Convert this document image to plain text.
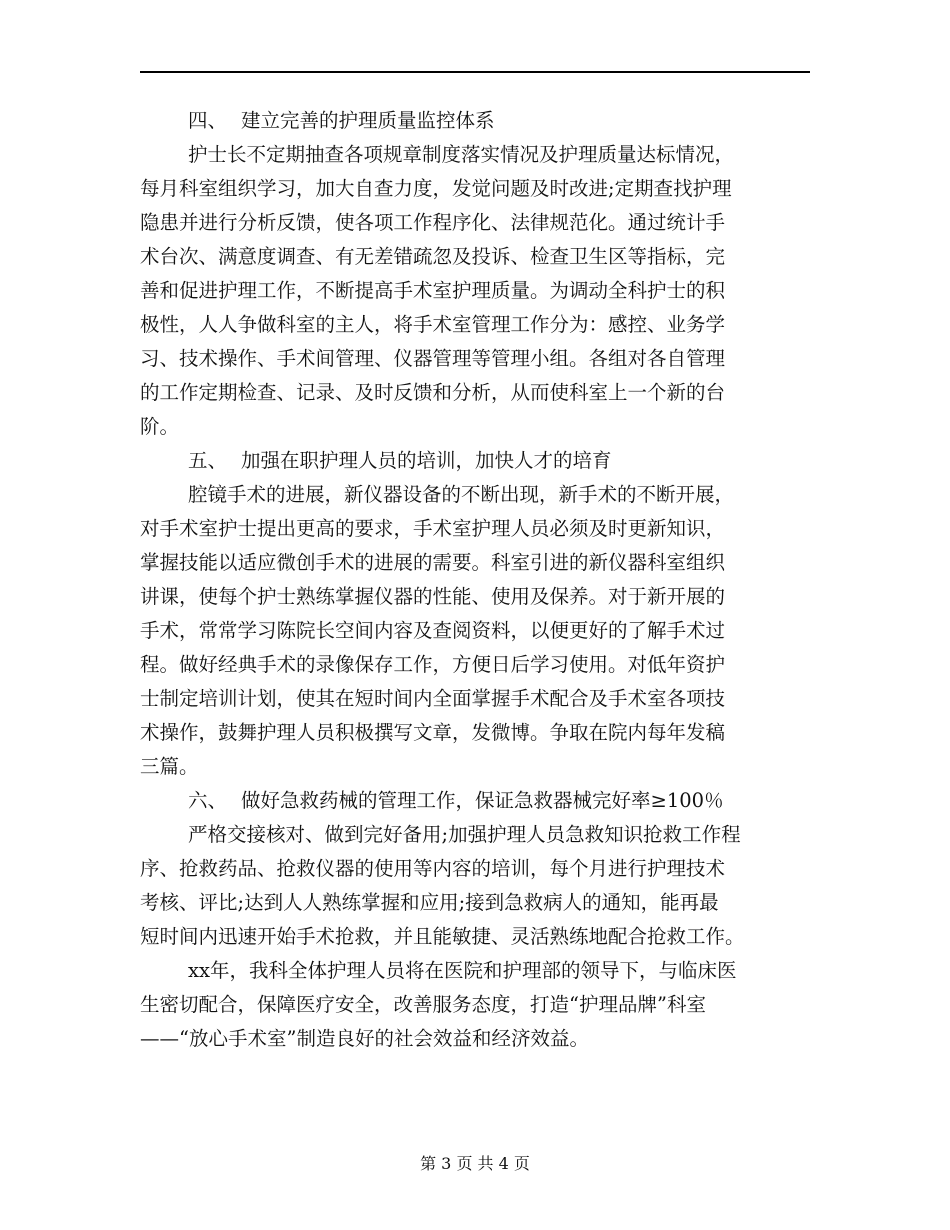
四、 建立完善的护理质量监控体系
护士长不定期抽查各项规章制度落实情况及护理质量达标情况，
每月科室组织学习，加大自查力度，发觉问题及时改进;定期查找护理
隐患并进行分析反馈，使各项工作程序化、法律规范化。通过统计手
术台次、满意度调查、有无差错疏忽及投诉、检查卫生区等指标，完
善和促进护理工作，不断提高手术室护理质量。为调动全科护士的积
极性，人人争做科室的主人，将手术室管理工作分为：感控、业务学
习、技术操作、手术间管理、仪器管理等管理小组。各组对各自管理
的工作定期检查、记录、及时反馈和分析，从而使科室上一个新的台
阶。
五、 加强在职护理人员的培训，加快人才的培育
腔镜手术的进展，新仪器设备的不断出现，新手术的不断开展，
对手术室护士提出更高的要求，手术室护理人员必须及时更新知识，
掌握技能以适应微创手术的进展的需要。科室引进的新仪器科室组织
讲课，使每个护士熟练掌握仪器的性能、使用及保养。对于新开展的
手术，常常学习陈院长空间内容及查阅资料，以便更好的了解手术过
程。做好经典手术的录像保存工作，方便日后学习使用。对低年资护
士制定培训计划，使其在短时间内全面掌握手术配合及手术室各项技
术操作，鼓舞护理人员积极撰写文章，发微博。争取在院内每年发稿
三篇。
六、 做好急救药械的管理工作，保证急救器械完好率≥100％
严格交接核对、做到完好备用;加强护理人员急救知识抢救工作程
序、抢救药品、抢救仪器的使用等内容的培训，每个月进行护理技术
考核、评比;达到人人熟练掌握和应用;接到急救病人的通知，能再最
短时间内迅速开始手术抢救，并且能敏捷、灵活熟练地配合抢救工作。
xx年，我科全体护理人员将在医院和护理部的领导下，与临床医
生密切配合，保障医疗安全，改善服务态度，打造“护理品牌”科室
——“放心手术室”制造良好的社会效益和经济效益。
第 3 页 共 4 页
